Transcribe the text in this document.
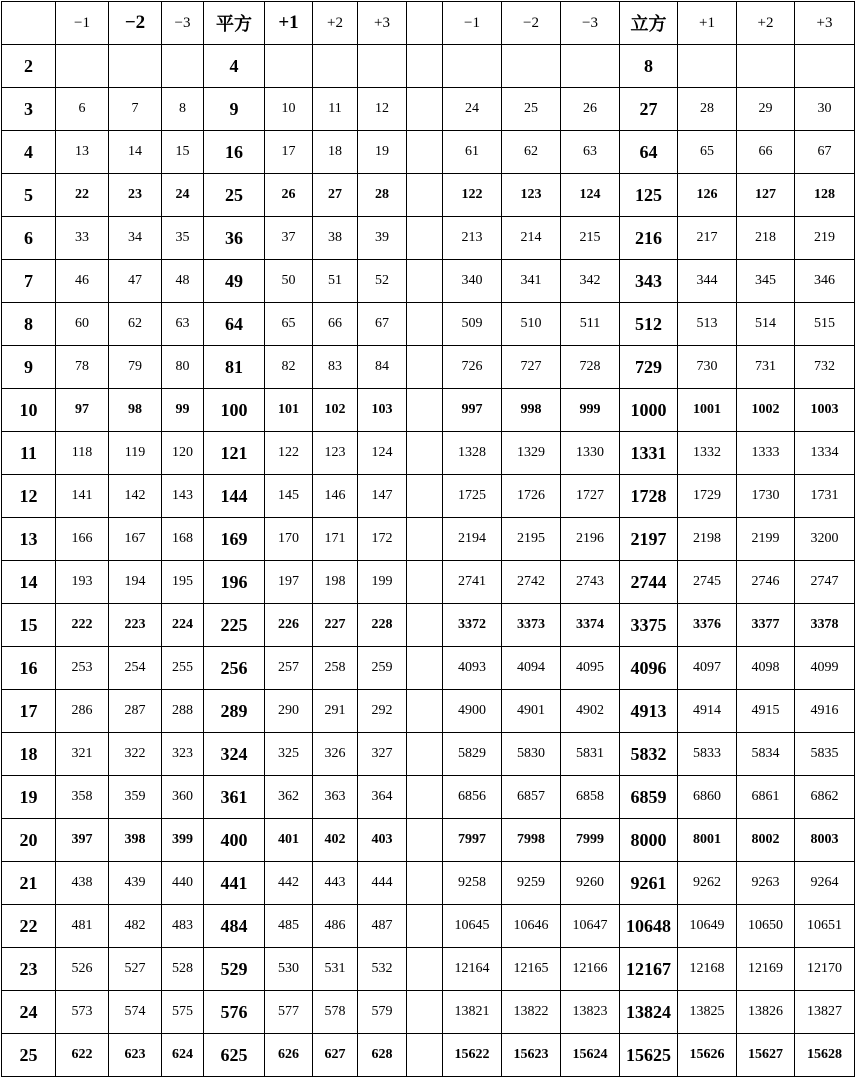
	−1	−2	−3	平方	+1	+2	+3		−1	−2	−3	立方	+1	+2	+3
2				4								8			
3	6	7	8	9	10	11	12		24	25	26	27	28	29	30
4	13	14	15	16	17	18	19		61	62	63	64	65	66	67
5	22	23	24	25	26	27	28		122	123	124	125	126	127	128
6	33	34	35	36	37	38	39		213	214	215	216	217	218	219
7	46	47	48	49	50	51	52		340	341	342	343	344	345	346
8	60	62	63	64	65	66	67		509	510	511	512	513	514	515
9	78	79	80	81	82	83	84		726	727	728	729	730	731	732
10	97	98	99	100	101	102	103		997	998	999	1000	1001	1002	1003
11	118	119	120	121	122	123	124		1328	1329	1330	1331	1332	1333	1334
12	141	142	143	144	145	146	147		1725	1726	1727	1728	1729	1730	1731
13	166	167	168	169	170	171	172		2194	2195	2196	2197	2198	2199	3200
14	193	194	195	196	197	198	199		2741	2742	2743	2744	2745	2746	2747
15	222	223	224	225	226	227	228		3372	3373	3374	3375	3376	3377	3378
16	253	254	255	256	257	258	259		4093	4094	4095	4096	4097	4098	4099
17	286	287	288	289	290	291	292		4900	4901	4902	4913	4914	4915	4916
18	321	322	323	324	325	326	327		5829	5830	5831	5832	5833	5834	5835
19	358	359	360	361	362	363	364		6856	6857	6858	6859	6860	6861	6862
20	397	398	399	400	401	402	403		7997	7998	7999	8000	8001	8002	8003
21	438	439	440	441	442	443	444		9258	9259	9260	9261	9262	9263	9264
22	481	482	483	484	485	486	487		10645	10646	10647	10648	10649	10650	10651
23	526	527	528	529	530	531	532		12164	12165	12166	12167	12168	12169	12170
24	573	574	575	576	577	578	579		13821	13822	13823	13824	13825	13826	13827
25	622	623	624	625	626	627	628		15622	15623	15624	15625	15626	15627	15628
